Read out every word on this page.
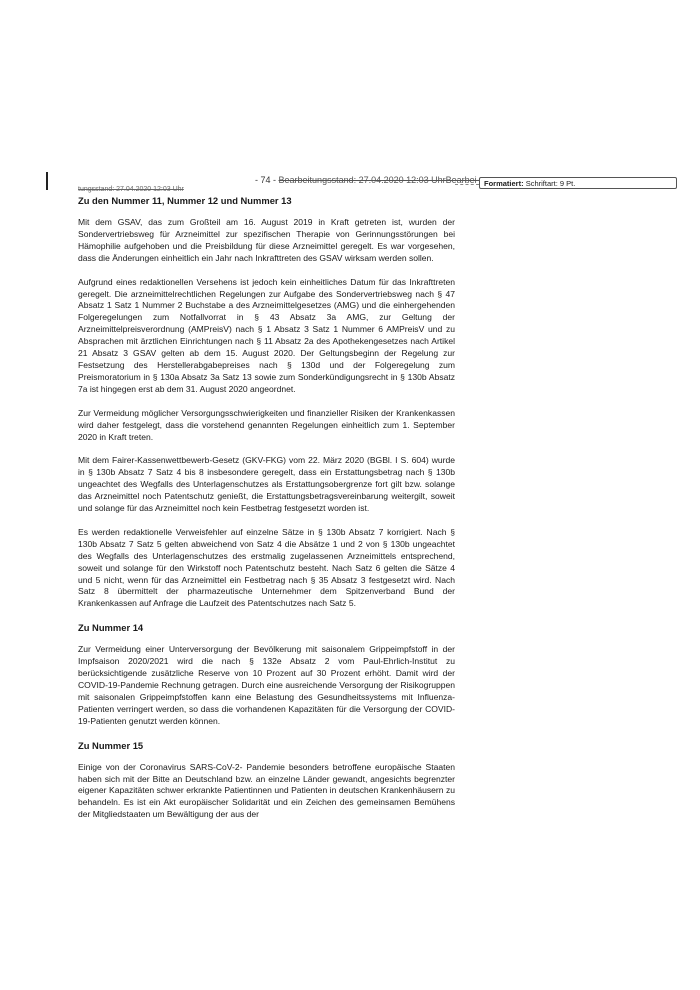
- 74 - Bearbeitungsstand: 27.04.2020 12:03 UhrBearbei-
tungsstand: 27.04.2020 12:03 Uhr
Formatiert: Schriftart: 9 Pt.
Zu den Nummer 11, Nummer 12 und Nummer 13

Mit dem GSAV, das zum Großteil am 16. August 2019 in Kraft getreten ist, wurden der Sondervertriebsweg für Arzneimittel zur spezifischen Therapie von Gerinnungsstörungen bei Hämophilie aufgehoben und die Preisbildung für diese Arzneimittel geregelt. Es war vorgesehen, dass die Änderungen einheitlich ein Jahr nach Inkrafttreten des GSAV wirksam werden sollen.

Aufgrund eines redaktionellen Versehens ist jedoch kein einheitliches Datum für das Inkrafttreten geregelt. Die arzneimittelrechtlichen Regelungen zur Aufgabe des Sondervertriebsweg nach § 47 Absatz 1 Satz 1 Nummer 2 Buchstabe a des Arzneimittelgesetzes (AMG) und die einhergehenden Folgeregelungen zum Notfallvorrat in § 43 Absatz 3a AMG, zur Geltung der Arzneimittelpreisverordnung (AMPreisV) nach § 1 Absatz 3 Satz 1 Nummer 6 AMPreisV und zu Absprachen mit ärztlichen Einrichtungen nach § 11 Absatz 2a des Apothekengesetzes nach Artikel 21 Absatz 3 GSAV gelten ab dem 15. August 2020. Der Geltungsbeginn der Regelung zur Festsetzung des Herstellerabgabepreises nach § 130d und der Folgeregelung zum Preismoratorium in § 130a Absatz 3a Satz 13 sowie zum Sonderkündigungsrecht in § 130b Absatz 7a ist hingegen erst ab dem 31. August 2020 angeordnet.

Zur Vermeidung möglicher Versorgungsschwierigkeiten und finanzieller Risiken der Krankenkassen wird daher festgelegt, dass die vorstehend genannten Regelungen einheitlich zum 1. September 2020 in Kraft treten.

Mit dem Fairer-Kassenwettbewerb-Gesetz (GKV-FKG) vom 22. März 2020 (BGBl. I S. 604) wurde in § 130b Absatz 7 Satz 4 bis 8 insbesondere geregelt, dass ein Erstattungsbetrag nach § 130b ungeachtet des Wegfalls des Unterlagenschutzes als Erstattungsobergrenze fort gilt bzw. solange das Arzneimittel noch Patentschutz genießt, die Erstattungsbetragsvereinbarung weitergilt, soweit und solange für das Arzneimittel noch kein Festbetrag festgesetzt worden ist.

Es werden redaktionelle Verweisfehler auf einzelne Sätze in § 130b Absatz 7 korrigiert. Nach § 130b Absatz 7 Satz 5 gelten abweichend von Satz 4 die Absätze 1 und 2 von § 130b ungeachtet des Wegfalls des Unterlagenschutzes des erstmalig zugelassenen Arzneimittels entsprechend, soweit und solange für den Wirkstoff noch Patentschutz besteht. Nach Satz 6 gelten die Sätze 4 und 5 nicht, wenn für das Arzneimittel ein Festbetrag nach § 35 Absatz 3 festgesetzt wird. Nach Satz 8 übermittelt der pharmazeutische Unternehmer dem Spitzenverband Bund der Krankenkassen auf Anfrage die Laufzeit des Patentschutzes nach Satz 5.

Zu Nummer 14

Zur Vermeidung einer Unterversorgung der Bevölkerung mit saisonalem Grippeimpfstoff in der Impfsaison 2020/2021 wird die nach § 132e Absatz 2 vom Paul-Ehrlich-Institut zu berücksichtigende zusätzliche Reserve von 10 Prozent auf 30 Prozent erhöht. Damit wird der COVID-19-Pandemie Rechnung getragen. Durch eine ausreichende Versorgung der Risikogruppen mit saisonalen Grippeimpfstoffen kann eine Belastung des Gesundheitssystems mit Influenza-Patienten verringert werden, so dass die vorhandenen Kapazitäten für die Versorgung der COVID-19-Patienten genutzt werden können.

Zu Nummer 15

Einige von der Coronavirus SARS-CoV-2- Pandemie besonders betroffene europäische Staaten haben sich mit der Bitte an Deutschland bzw. an einzelne Länder gewandt, angesichts begrenzter eigener Kapazitäten schwer erkrankte Patientinnen und Patienten in deutschen Krankenhäusern zu behandeln. Es ist ein Akt europäischer Solidarität und ein Zeichen des gemeinsamen Bemühens der Mitgliedstaaten um Bewältigung der aus der
